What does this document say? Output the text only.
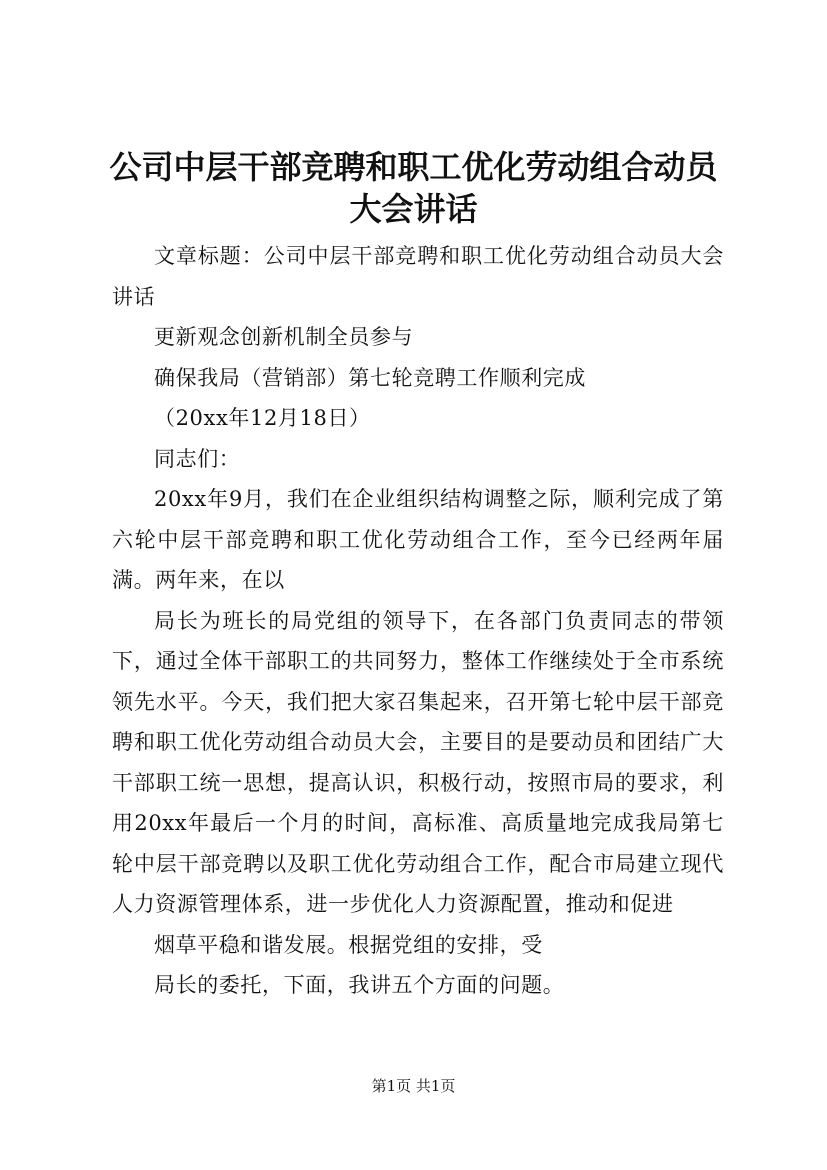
公司中层干部竞聘和职工优化劳动组合动员大会讲话

文章标题：公司中层干部竞聘和职工优化劳动组合动员大会讲话

更新观念创新机制全员参与

确保我局（营销部）第七轮竞聘工作顺利完成

（20xx年12月18日）

同志们：

20xx年9月，我们在企业组织结构调整之际，顺利完成了第六轮中层干部竞聘和职工优化劳动组合工作，至今已经两年届满。两年来，在以

局长为班长的局党组的领导下，在各部门负责同志的带领下，通过全体干部职工的共同努力，整体工作继续处于全市系统领先水平。今天，我们把大家召集起来，召开第七轮中层干部竞聘和职工优化劳动组合动员大会，主要目的是要动员和团结广大干部职工统一思想，提高认识，积极行动，按照市局的要求，利用20xx年最后一个月的时间，高标准、高质量地完成我局第七轮中层干部竞聘以及职工优化劳动组合工作，配合市局建立现代人力资源管理体系，进一步优化人力资源配置，推动和促进

烟草平稳和谐发展。根据党组的安排，受

局长的委托，下面，我讲五个方面的问题。

第1页 共1页
